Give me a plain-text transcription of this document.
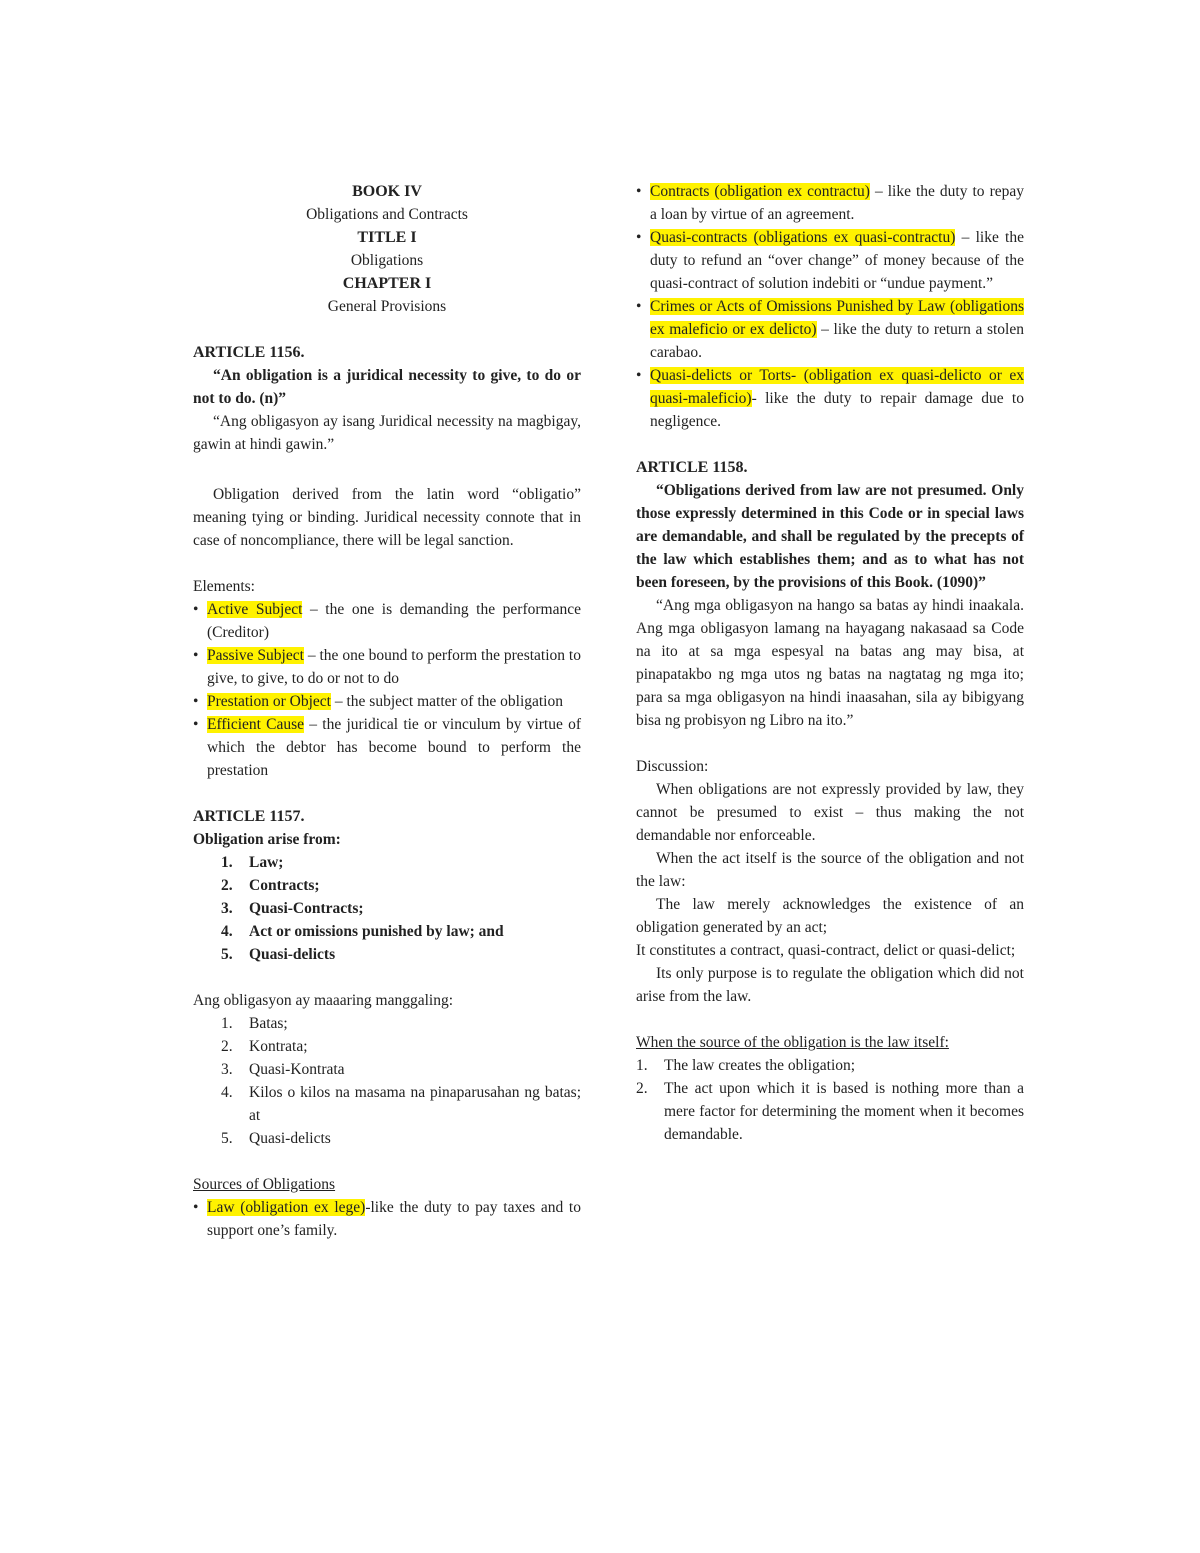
BOOK IV
Obligations and Contracts
TITLE I
Obligations
CHAPTER I
General Provisions
ARTICLE 1156.
“An obligation is a juridical necessity to give, to do or not to do. (n)”
“Ang obligasyon ay isang Juridical necessity na magbigay, gawin at hindi gawin.”
Obligation derived from the latin word “obligatio” meaning tying or binding. Juridical necessity connote that in case of noncompliance, there will be legal sanction.
Elements:
• Active Subject – the one is demanding the performance (Creditor)
• Passive Subject – the one bound to perform the prestation to give, to give, to do or not to do
• Prestation or Object – the subject matter of the obligation
• Efficient Cause – the juridical tie or vinculum by virtue of which the debtor has become bound to perform the prestation
ARTICLE 1157.
Obligation arise from:
1. Law;
2. Contracts;
3. Quasi-Contracts;
4. Act or omissions punished by law; and
5. Quasi-delicts
Ang obligasyon ay maaaring manggaling:
1. Batas;
2. Kontrata;
3. Quasi-Kontrata
4. Kilos o kilos na masama na pinaparusahan ng batas; at
5. Quasi-delicts
Sources of Obligations
• Law (obligation ex lege)-like the duty to pay taxes and to support one’s family.
• Contracts (obligation ex contractu) – like the duty to repay a loan by virtue of an agreement.
• Quasi-contracts (obligations ex quasi-contractu) – like the duty to refund an “over change” of money because of the quasi-contract of solution indebiti or “undue payment.”
• Crimes or Acts of Omissions Punished by Law (obligations ex maleficio or ex delicto) – like the duty to return a stolen carabao.
• Quasi-delicts or Torts- (obligation ex quasi-delicto or ex quasi-maleficio)- like the duty to repair damage due to negligence.
ARTICLE 1158.
“Obligations derived from law are not presumed. Only those expressly determined in this Code or in special laws are demandable, and shall be regulated by the precepts of the law which establishes them; and as to what has not been foreseen, by the provisions of this Book. (1090)”
“Ang mga obligasyon na hango sa batas ay hindi inaakala. Ang mga obligasyon lamang na hayagang nakasaad sa Code na ito at sa mga espesyal na batas ang may bisa, at pinapatakbo ng mga utos ng batas na nagtatag ng mga ito; para sa mga obligasyon na hindi inaasahan, sila ay bibigyang bisa ng probisyon ng Libro na ito.”
Discussion:
When obligations are not expressly provided by law, they cannot be presumed to exist – thus making the not demandable nor enforceable.
When the act itself is the source of the obligation and not the law:
The law merely acknowledges the existence of an obligation generated by an act;
It constitutes a contract, quasi-contract, delict or quasi-delict;
Its only purpose is to regulate the obligation which did not arise from the law.
When the source of the obligation is the law itself:
1. The law creates the obligation;
2. The act upon which it is based is nothing more than a mere factor for determining the moment when it becomes demandable.
